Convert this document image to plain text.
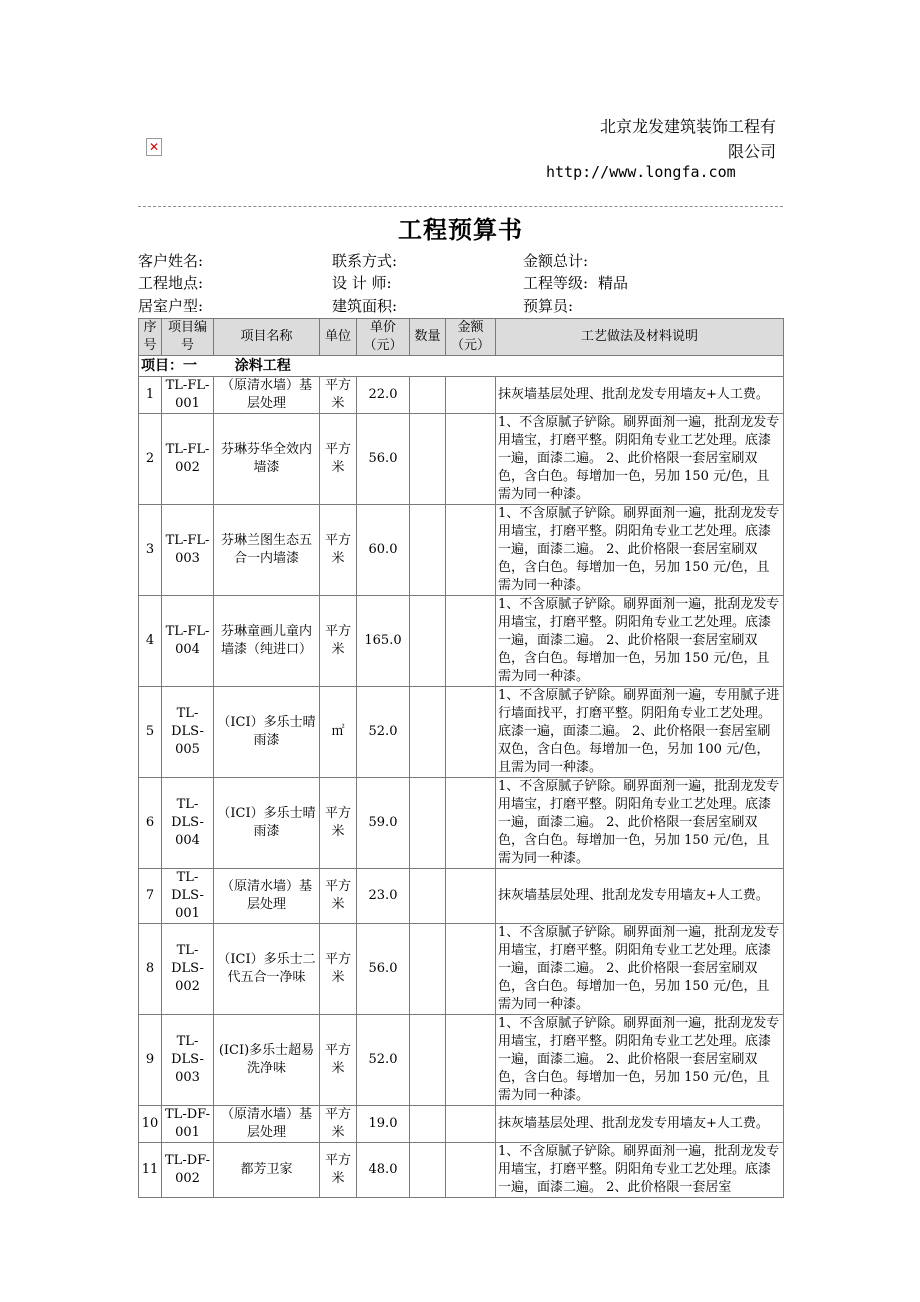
✕
北京龙发建筑装饰工程有
限公司
http://www.longfa.com
工程预算书
客户姓名:	联系方式:	金额总计:
工程地点:	设 计 师:	工程等级: 精品
居室户型:	建筑面积:	预算员:
序号	项目编号	项目名称	单位	单价（元）	数量	金额（元）	工艺做法及材料说明
项目：一 涂料工程							
1	TL-FL-001	（原清水墙）基层处理	平方米	22.0			抹灰墙基层处理、批刮龙发专用墙友+人工费。
2	TL-FL-002	芬琳芬华全效内墙漆	平方米	56.0			1、不含原腻子铲除。刷界面剂一遍，批刮龙发专用墙宝，打磨平整。阴阳角专业工艺处理。底漆一遍，面漆二遍。 2、此价格限一套居室刷双色，含白色。每增加一色，另加 150 元/色，且需为同一种漆。
3	TL-FL-003	芬琳兰图生态五合一内墙漆	平方米	60.0			1、不含原腻子铲除。刷界面剂一遍，批刮龙发专用墙宝，打磨平整。阴阳角专业工艺处理。底漆一遍，面漆二遍。 2、此价格限一套居室刷双色，含白色。每增加一色，另加 150 元/色，且需为同一种漆。
4	TL-FL-004	芬琳童画儿童内墙漆（纯进口）	平方米	165.0			1、不含原腻子铲除。刷界面剂一遍，批刮龙发专用墙宝，打磨平整。阴阳角专业工艺处理。底漆一遍，面漆二遍。 2、此价格限一套居室刷双色，含白色。每增加一色，另加 150 元/色，且需为同一种漆。
5	TL-DLS-005	（ICI）多乐士晴雨漆	㎡	52.0			1、不含原腻子铲除。刷界面剂一遍，专用腻子进行墙面找平，打磨平整。阴阳角专业工艺处理。底漆一遍，面漆二遍。 2、此价格限一套居室刷双色，含白色。每增加一色，另加 100 元/色，且需为同一种漆。
6	TL-DLS-004	（ICI）多乐士晴雨漆	平方米	59.0			1、不含原腻子铲除。刷界面剂一遍，批刮龙发专用墙宝，打磨平整。阴阳角专业工艺处理。底漆一遍，面漆二遍。 2、此价格限一套居室刷双色，含白色。每增加一色，另加 150 元/色，且需为同一种漆。
7	TL-DLS-001	（原清水墙）基层处理	平方米	23.0			抹灰墙基层处理、批刮龙发专用墙友+人工费。
8	TL-DLS-002	（ICI）多乐士二代五合一净味	平方米	56.0			1、不含原腻子铲除。刷界面剂一遍，批刮龙发专用墙宝，打磨平整。阴阳角专业工艺处理。底漆一遍，面漆二遍。 2、此价格限一套居室刷双色，含白色。每增加一色，另加 150 元/色，且需为同一种漆。
9	TL-DLS-003	(ICI)多乐士超易洗净味	平方米	52.0			1、不含原腻子铲除。刷界面剂一遍，批刮龙发专用墙宝，打磨平整。阴阳角专业工艺处理。底漆一遍，面漆二遍。 2、此价格限一套居室刷双色，含白色。每增加一色，另加 150 元/色，且需为同一种漆。
10	TL-DF-001	（原清水墙）基层处理	平方米	19.0			抹灰墙基层处理、批刮龙发专用墙友+人工费。
11	TL-DF-002	都芳卫家	平方米	48.0			1、不含原腻子铲除。刷界面剂一遍，批刮龙发专用墙宝，打磨平整。阴阳角专业工艺处理。底漆一遍，面漆二遍。 2、此价格限一套居室
